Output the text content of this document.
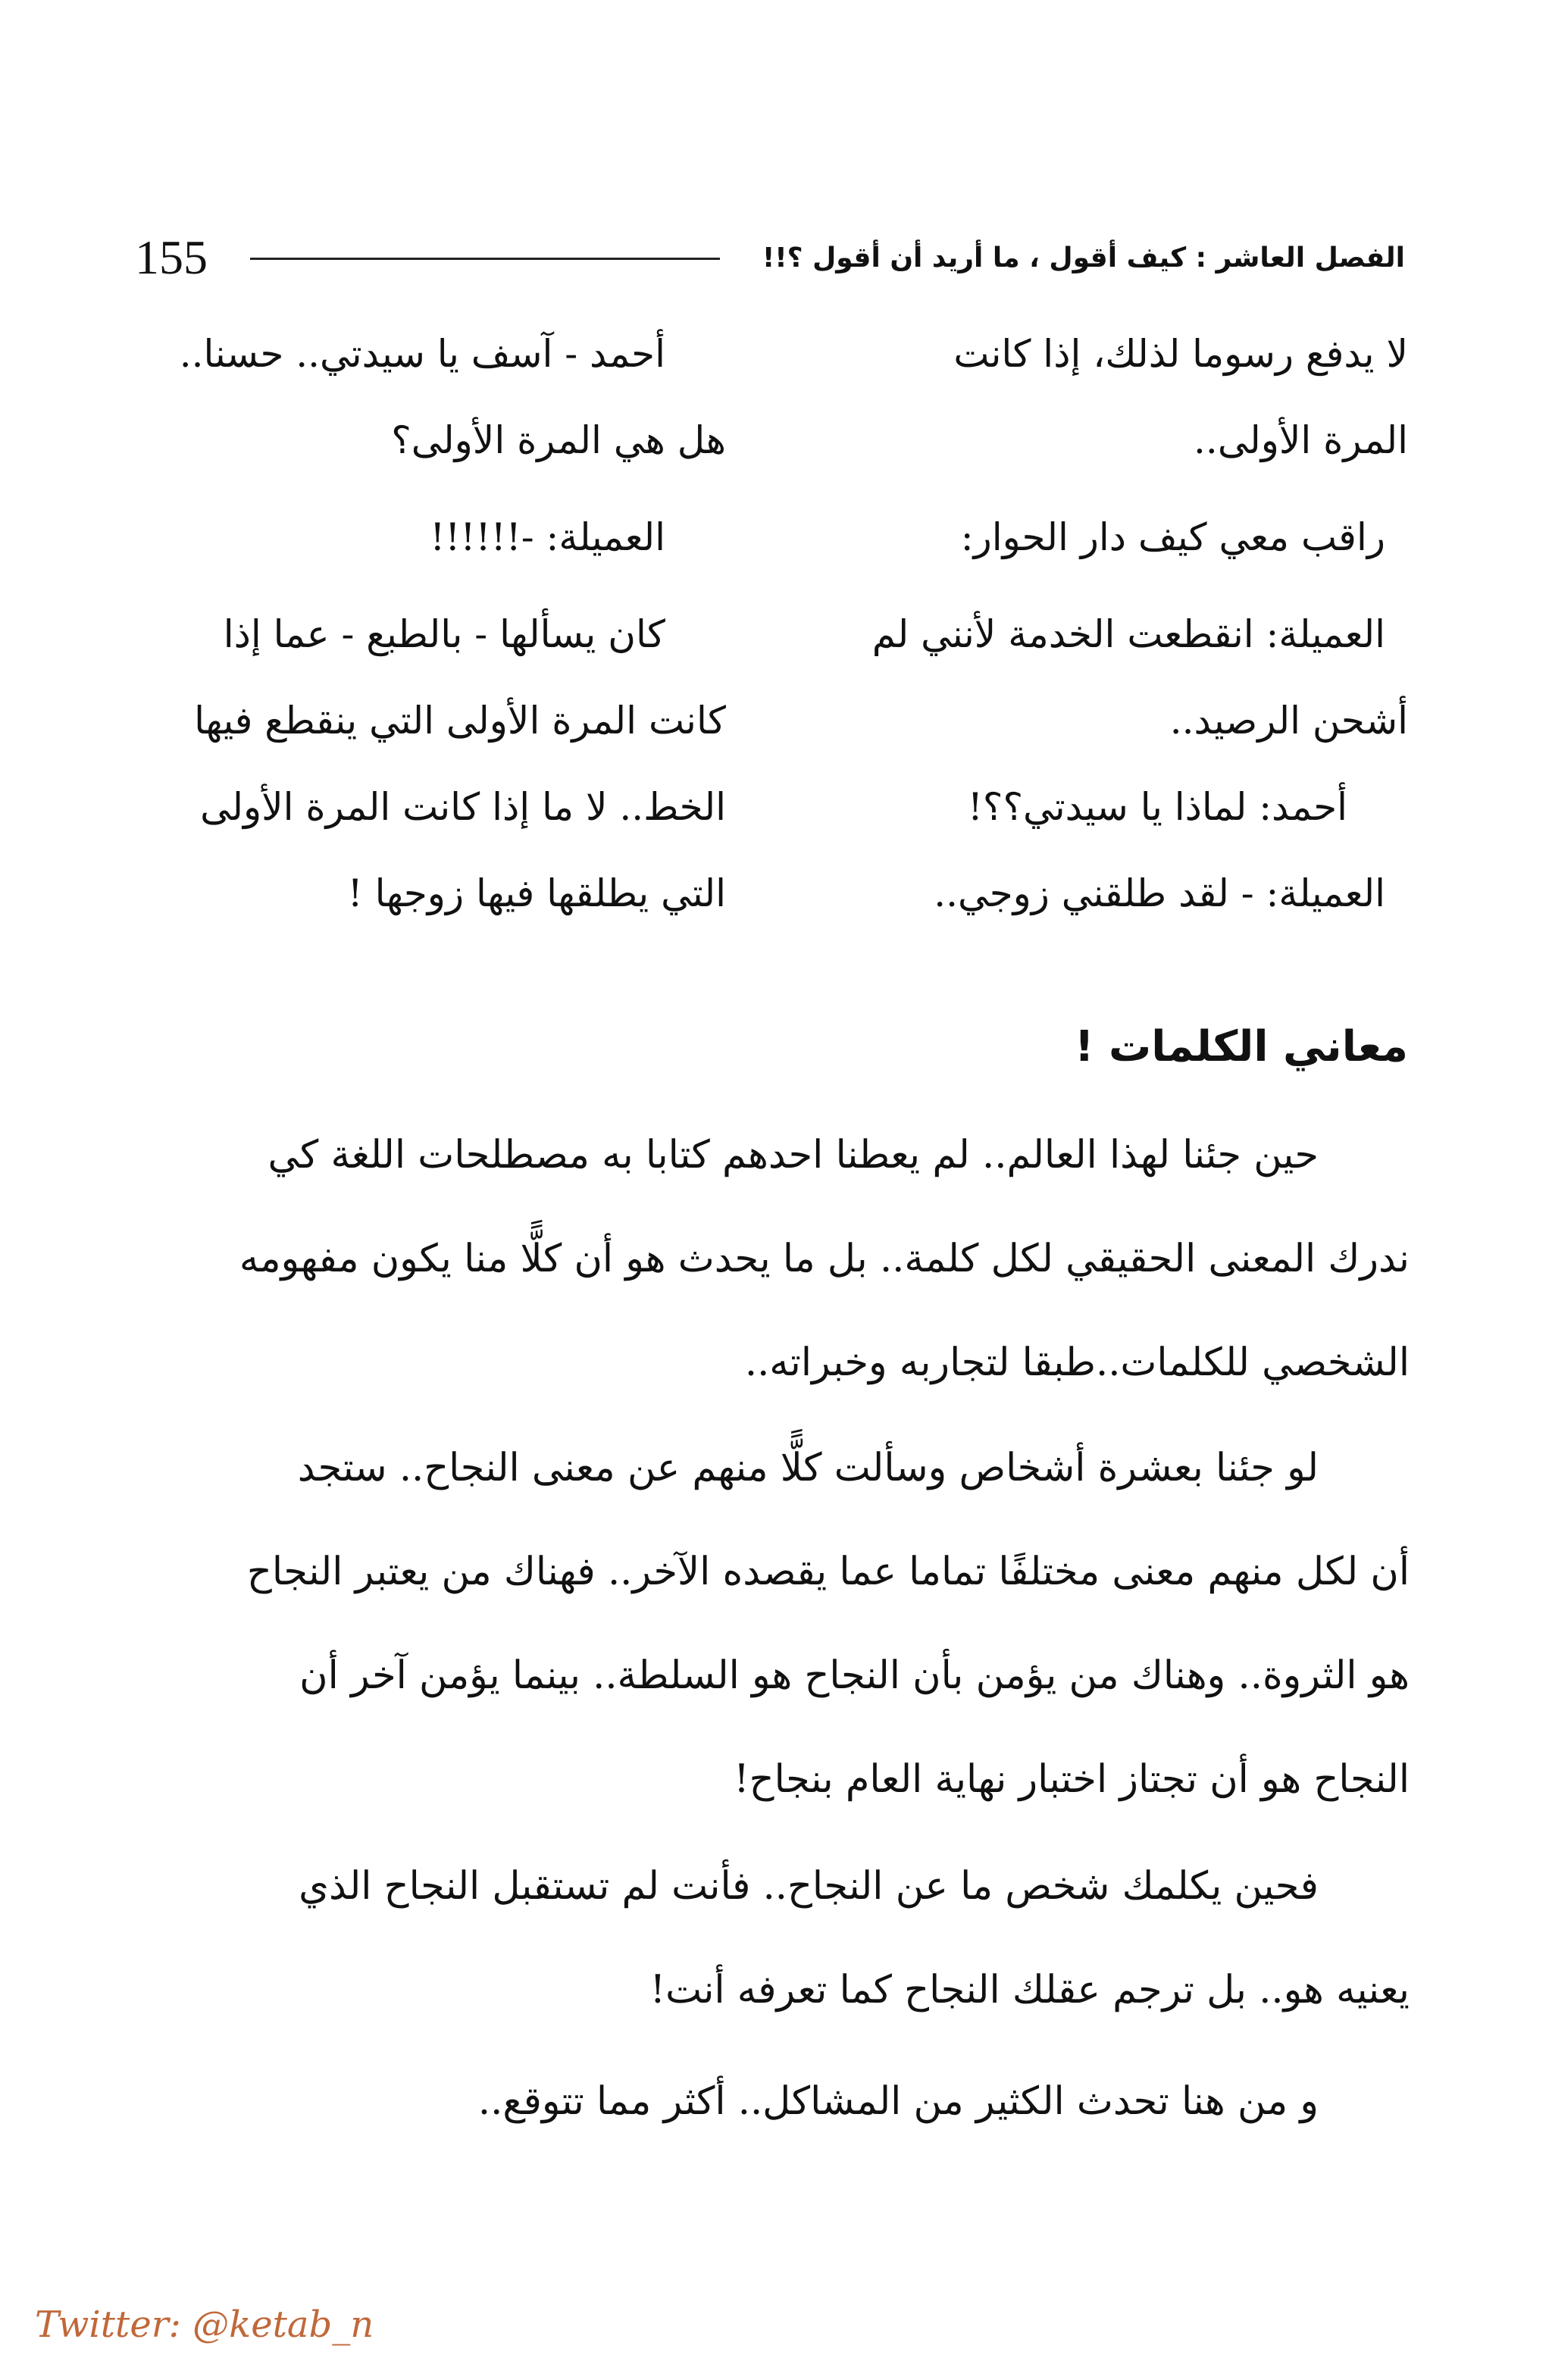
155	الفصل العاشر : كيف أقول ، ما أريد أن أقول ؟!!
لا يدفع رسوما لذلك، إذا كانت
المرة الأولى..
راقب معي كيف دار الحوار:
العميلة: انقطعت الخدمة لأنني لم
أشحن الرصيد..
أحمد: لماذا يا سيدتي؟؟!
العميلة: - لقد طلقني زوجي..
أحمد - آسف يا سيدتي.. حسنا..
هل هي المرة الأولى؟
العميلة: -!!!!!!
كان يسألها - بالطبع - عما إذا
كانت المرة الأولى التي ينقطع فيها
الخط.. لا ما إذا كانت المرة الأولى
التي يطلقها فيها زوجها !
معاني الكلمات !
حين جئنا لهذا العالم.. لم يعطنا احدهم كتابا به مصطلحات اللغة كي
ندرك المعنى الحقيقي لكل كلمة.. بل ما يحدث هو أن كلًّا منا يكون مفهومه
الشخصي للكلمات..طبقا لتجاربه وخبراته..
لو جئنا بعشرة أشخاص وسألت كلًّا منهم عن معنى النجاح.. ستجد
أن لكل منهم معنى مختلفًا تماما عما يقصده الآخر.. فهناك من يعتبر النجاح
هو الثروة.. وهناك من يؤمن بأن النجاح هو السلطة.. بينما يؤمن آخر أن
النجاح هو أن تجتاز اختبار نهاية العام بنجاح!
فحين يكلمك شخص ما عن النجاح.. فأنت لم تستقبل النجاح الذي
يعنيه هو.. بل ترجم عقلك النجاح كما تعرفه أنت!
و من هنا تحدث الكثير من المشاكل.. أكثر مما تتوقع..
Twitter: @ketab_n
